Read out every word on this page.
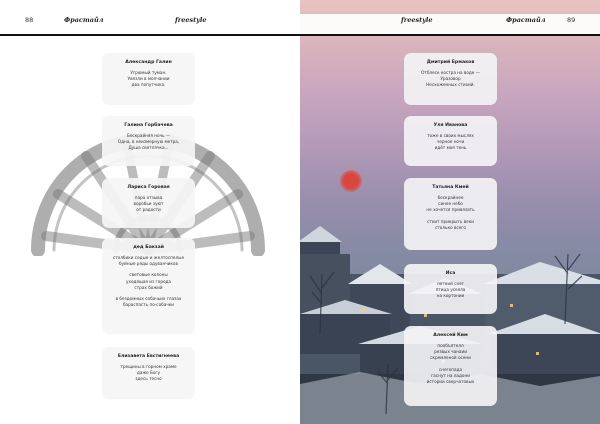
88	Фрастайл	freestyle
Александр Галин
Угрюмый туман.
Увязли в молчании
два попутчика.
Галина Горбачева
Бескрайняя ночь —
Одна, в неизмерную метра,
Душа светлячка...
Лариса Горовая
пара отзыва
воробьи зуют
от радости
дед Бакзай
столбики седые и желтоспелые
буйные ряды одуванчиков
световые колоны
уходящая из города
страх божий
в бездомных собачьих глазах
бараспасть по-собачки
Елизавета Евстигнеева
трещины в горном храме
даже Богу
здесь тесно
freestyle	Фрастайл	89
Дмитрий Ермаков
Отблеск костра на воде —
Уразовор
Несхоженных стихий.
Уля Иванова
тоже в своих мыслях
черное ночи
идёт моя тень
Татьяна Кмей
бескрайнее
синее небо
не хочется привязать
стоит прикрыть веки
столько всего
Иса
летний снег
птица усеяла
на кортонии
Алексей Ким
пообъятелл
резвых чанаии
скремленой осени
снегопада
гаснут на ладони
истории сверчатовых
